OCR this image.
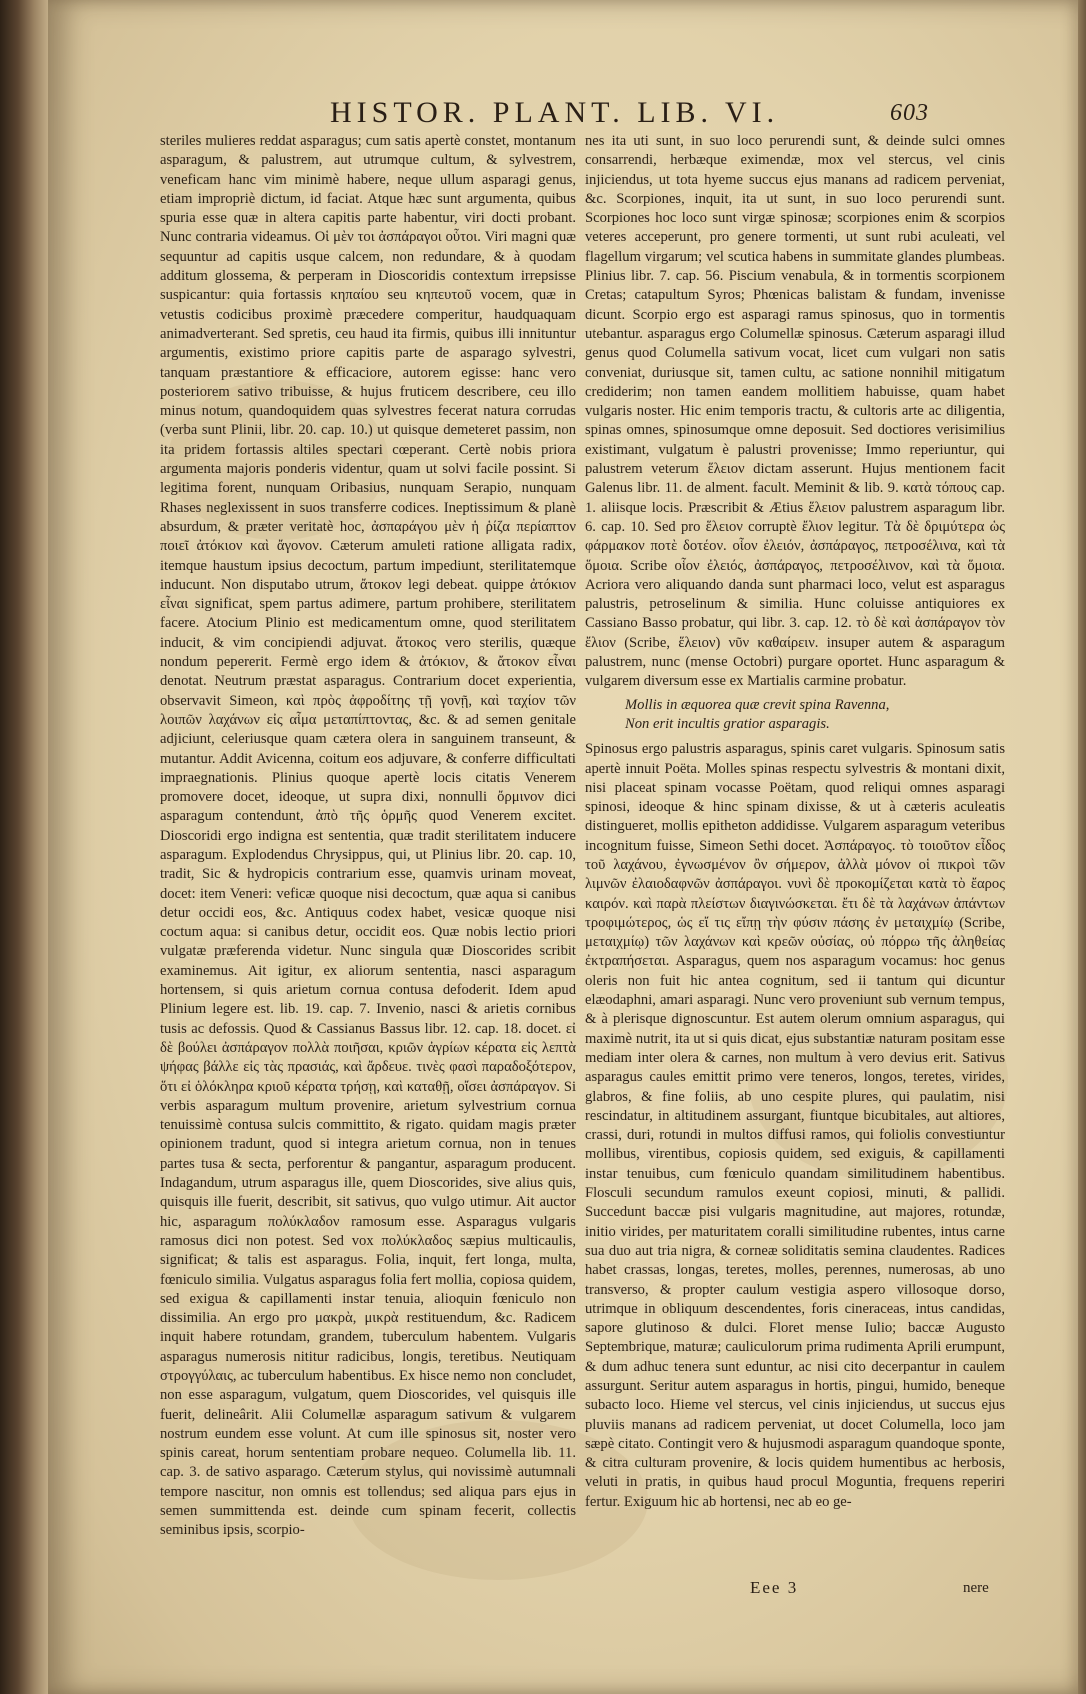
HISTOR. PLANT. LIB. VI.	603

steriles mulieres reddat asparagus; cum satis apertè constet, montanum asparagum, & palustrem, aut utrumque cultum, & sylvestrem, veneficam hanc vim minimè habere, neque ullum asparagi genus, etiam impropriè dictum, id faciat. Atque hæc sunt argumenta, quibus spuria esse quæ in altera capitis parte habentur, viri docti probant. Nunc contraria videamus. Οἱ μὲν τοι ἀσπάραγοι οὗτοι. Viri magni quæ sequuntur ad capitis usque calcem, non redundare, & à quodam additum glossema, & perperam in Dioscoridis contextum irrepsisse suspicantur: quia fortassis κηπαίου seu κηπευτοῦ vocem, quæ in vetustis codicibus proximè præcedere comperitur, haudquaquam animadverterant. Sed spretis, ceu haud ita firmis, quibus illi innituntur argumentis, existimo priore capitis parte de asparago sylvestri, tanquam præstantiore & efficaciore, autorem egisse: hanc vero posteriorem sativo tribuisse, & hujus fruticem describere, ceu illo minus notum, quandoquidem quas sylvestres fecerat natura corrudas (verba sunt Plinii, libr. 20. cap. 10.) ut quisque demeteret passim, non ita pridem fortassis altiles spectari cœperant. Certè nobis priora argumenta majoris ponderis videntur, quam ut solvi facile possint. Si legitima forent, nunquam Oribasius, nunquam Serapio, nunquam Rhases neglexissent in suos transferre codices. Ineptissimum & planè absurdum, & præter veritatè hoc, ἀσπαράγου μὲν ἡ ῥίζα περίαπτον ποιεῖ ἀτόκιον καὶ ἄγονον. Cæterum amuleti ratione alligata radix, itemque haustum ipsius decoctum, partum impediunt, sterilitatemque inducunt. Non disputabo utrum, ἄτοκον legi debeat. quippe ἀτόκιον εἶναι significat, spem partus adimere, partum prohibere, sterilitatem facere. Atocium Plinio est medicamentum omne, quod sterilitatem inducit, & vim concipiendi adjuvat. ἄτοκος vero sterilis, quæque nondum pepererit. Fermè ergo idem & ἀτόκιον, & ἄτοκον εἶναι denotat. Neutrum præstat asparagus. Contrarium docet experientia, observavit Simeon, καὶ πρὸς ἀφροδίτης τῇ γονῇ, καὶ ταχίον τῶν λοιπῶν λαχάνων εἰς αἷμα μεταπίπτοντας, &c. & ad semen genitale adjiciunt, celeriusque quam cætera olera in sanguinem transeunt, & mutantur. Addit Avicenna, coitum eos adjuvare, & conferre difficultati impraegnationis. Plinius quoque apertè locis citatis Venerem promovere docet, ideoque, ut supra dixi, nonnulli ὄρμινον dici asparagum contendunt, ἀπὸ τῆς ὁρμῆς quod Venerem excitet. Dioscoridi ergo indigna est sententia, quæ tradit sterilitatem inducere asparagum. Explodendus Chrysippus, qui, ut Plinius libr. 20. cap. 10, tradit, Sic & hydropicis contrarium esse, quamvis urinam moveat, docet: item Veneri: veficæ quoque nisi decoctum, quæ aqua si canibus detur occidi eos, &c. Antiquus codex habet, vesicæ quoque nisi coctum aqua: si canibus detur, occidit eos. Quæ nobis lectio priori vulgatæ præferenda videtur. Nunc singula quæ Dioscorides scribit examinemus. Ait igitur, ex aliorum sententia, nasci asparagum hortensem, si quis arietum cornua contusa defoderit. Idem apud Plinium legere est. lib. 19. cap. 7. Invenio, nasci & arietis cornibus tusis ac defossis. Quod & Cassianus Bassus libr. 12. cap. 18. docet. εἰ δὲ βούλει ἀσπάραγον πολλὰ ποιῆσαι, κριῶν ἀγρίων κέρατα εἰς λεπτὰ ψήφας βάλλε εἰς τὰς πρασιάς, καὶ ἄρδευε. τινὲς φασὶ παραδοξότερον, ὅτι εἰ ὁλόκληρα κριοῦ κέρατα τρήσῃ, καὶ καταθῇ, οἴσει ἀσπάραγον. Si verbis asparagum multum provenire, arietum sylvestrium cornua tenuissimè contusa sulcis committito, & rigato. quidam magis præter opinionem tradunt, quod si integra arietum cornua, non in tenues partes tusa & secta, perforentur & pangantur, asparagum producent. Indagandum, utrum asparagus ille, quem Dioscorides, sive alius quis, quisquis ille fuerit, describit, sit sativus, quo vulgo utimur. Ait auctor hic, asparagum πολύκλαδον ramosum esse. Asparagus vulgaris ramosus dici non potest. Sed vox πολύκλαδος sæpius multicaulis, significat; & talis est asparagus. Folia, inquit, fert longa, multa, fœniculo similia. Vulgatus asparagus folia fert mollia, copiosa quidem, sed exigua & capillamenti instar tenuia, alioquin fœniculo non dissimilia. An ergo pro μακρὰ, μικρὰ restituendum, &c. Radicem inquit habere rotundam, grandem, tuberculum habentem. Vulgaris asparagus numerosis nititur radicibus, longis, teretibus. Neutiquam στρογγύλαις, ac tuberculum habentibus. Ex hisce nemo non concludet, non esse asparagum, vulgatum, quem Dioscorides, vel quisquis ille fuerit, delineârit. Alii Columellæ asparagum sativum & vulgarem nostrum eundem esse volunt. At cum ille spinosus sit, noster vero spinis careat, horum sententiam probare nequeo. Columella lib. 11. cap. 3. de sativo asparago. Cæterum stylus, qui novissimè autumnali tempore nascitur, non omnis est tollendus; sed aliqua pars ejus in semen summittenda est. deinde cum spinam fecerit, collectis seminibus ipsis, scorpio-

nes ita uti sunt, in suo loco perurendi sunt, & deinde sulci omnes consarrendi, herbæque eximendæ, mox vel stercus, vel cinis injiciendus, ut tota hyeme succus ejus manans ad radicem perveniat, &c. Scorpiones, inquit, ita ut sunt, in suo loco perurendi sunt. Scorpiones hoc loco sunt virgæ spinosæ; scorpiones enim & scorpios veteres acceperunt, pro genere tormenti, ut sunt rubi aculeati, vel flagellum virgarum; vel scutica habens in summitate glandes plumbeas. Plinius libr. 7. cap. 56. Piscium venabula, & in tormentis scorpionem Cretas; catapultum Syros; Phœnicas balistam & fundam, invenisse dicunt. Scorpio ergo est asparagi ramus spinosus, quo in tormentis utebantur. asparagus ergo Columellæ spinosus. Cæterum asparagi illud genus quod Columella sativum vocat, licet cum vulgari non satis conveniat, duriusque sit, tamen cultu, ac satione nonnihil mitigatum crediderim; non tamen eandem mollitiem habuisse, quam habet vulgaris noster. Hic enim temporis tractu, & cultoris arte ac diligentia, spinas omnes, spinosumque omne deposuit. Sed doctiores verisimilius existimant, vulgatum è palustri provenisse; Immo reperiuntur, qui palustrem veterum ἕλειον dictam asserunt. Hujus mentionem facit Galenus libr. 11. de alment. facult. Meminit & lib. 9. κατὰ τόπους cap. 1. aliisque locis. Præscribit & Ætius ἕλειον palustrem asparagum libr. 6. cap. 10. Sed pro ἕλειον corruptè ἔλιον legitur. Τὰ δὲ δριμύτερα ὡς φάρμακον ποτὲ δοτέον. οἷον ἐλειόν, ἀσπάραγος, πετροσέλινα, καὶ τὰ ὅμοια. Scribe οἷον ἐλειός, ἀσπάραγος, πετροσέλινον, καὶ τὰ ὅμοια. Acriora vero aliquando danda sunt pharmaci loco, velut est asparagus palustris, petroselinum & similia. Hunc coluisse antiquiores ex Cassiano Basso probatur, qui libr. 3. cap. 12. τὸ δὲ καὶ ἀσπάραγον τὸν ἔλιον (Scribe, ἕλειον) νῦν καθαίρειν. insuper autem & asparagum palustrem, nunc (mense Octobri) purgare oportet. Hunc asparagum & vulgarem diversum esse ex Martialis carmine probatur.

Mollis in æquorea quæ crevit spina Ravenna,
Non erit incultis gratior asparagis.

Spinosus ergo palustris asparagus, spinis caret vulgaris. Spinosum satis apertè innuit Poëta. Molles spinas respectu sylvestris & montani dixit, nisi placeat spinam vocasse Poëtam, quod reliqui omnes asparagi spinosi, ideoque & hinc spinam dixisse, & ut à cæteris aculeatis distingueret, mollis epitheton addidisse. Vulgarem asparagum veteribus incognitum fuisse, Simeon Sethi docet. Ἀσπάραγος. τὸ τοιοῦτον εἶδος τοῦ λαχάνου, ἐγνωσμένον ὂν σήμερον, ἀλλὰ μόνον οἱ πικροὶ τῶν λιμνῶν ἐλαιοδαφνῶν ἀσπάραγοι. νυνὶ δὲ προκομίζεται κατὰ τὸ ἔαρος καιρόν. καὶ παρὰ πλείστων διαγινώσκεται. ἔτι δὲ τὰ λαχάνων ἁπάντων τροφιμώτερος, ὡς εἴ τις εἴπῃ τὴν φύσιν πάσης ἐν μεταιχμίῳ (Scribe, μεταιχμίῳ) τῶν λαχάνων καὶ κρεῶν οὐσίας, οὐ πόρρω τῆς ἀληθείας ἐκτραπήσεται. Asparagus, quem nos asparagum vocamus: hoc genus oleris non fuit hic antea cognitum, sed ii tantum qui dicuntur elæodaphni, amari asparagi. Nunc vero proveniunt sub vernum tempus, & à plerisque dignoscuntur. Est autem olerum omnium asparagus, qui maximè nutrit, ita ut si quis dicat, ejus substantiæ naturam positam esse mediam inter olera & carnes, non multum à vero devius erit. Sativus asparagus caules emittit primo vere teneros, longos, teretes, virides, glabros, & fine foliis, ab uno cespite plures, qui paulatim, nisi rescindatur, in altitudinem assurgant, fiuntque bicubitales, aut altiores, crassi, duri, rotundi in multos diffusi ramos, qui foliolis convestiuntur mollibus, virentibus, copiosis quidem, sed exiguis, & capillamenti instar tenuibus, cum fœniculo quandam similitudinem habentibus. Flosculi secundum ramulos exeunt copiosi, minuti, & pallidi. Succedunt baccæ pisi vulgaris magnitudine, aut majores, rotundæ, initio virides, per maturitatem coralli similitudine rubentes, intus carne sua duo aut tria nigra, & corneæ soliditatis semina claudentes. Radices habet crassas, longas, teretes, molles, perennes, numerosas, ab uno transverso, & propter caulum vestigia aspero villosoque dorso, utrimque in obliquum descendentes, foris cineraceas, intus candidas, sapore glutinoso & dulci. Floret mense Iulio; baccæ Augusto Septembrique, maturæ; cauliculorum prima rudimenta Aprili erumpunt, & dum adhuc tenera sunt eduntur, ac nisi cito decerpantur in caulem assurgunt. Seritur autem asparagus in hortis, pingui, humido, beneque subacto loco. Hieme vel stercus, vel cinis injiciendus, ut succus ejus pluviis manans ad radicem perveniat, ut docet Columella, loco jam sæpè citato. Contingit vero & hujusmodi asparagum quandoque sponte, & citra culturam provenire, & locis quidem humentibus ac herbosis, veluti in pratis, in quibus haud procul Moguntia, frequens reperiri fertur. Exiguum hic ab hortensi, nec ab eo ge-

Eee 3	nere
